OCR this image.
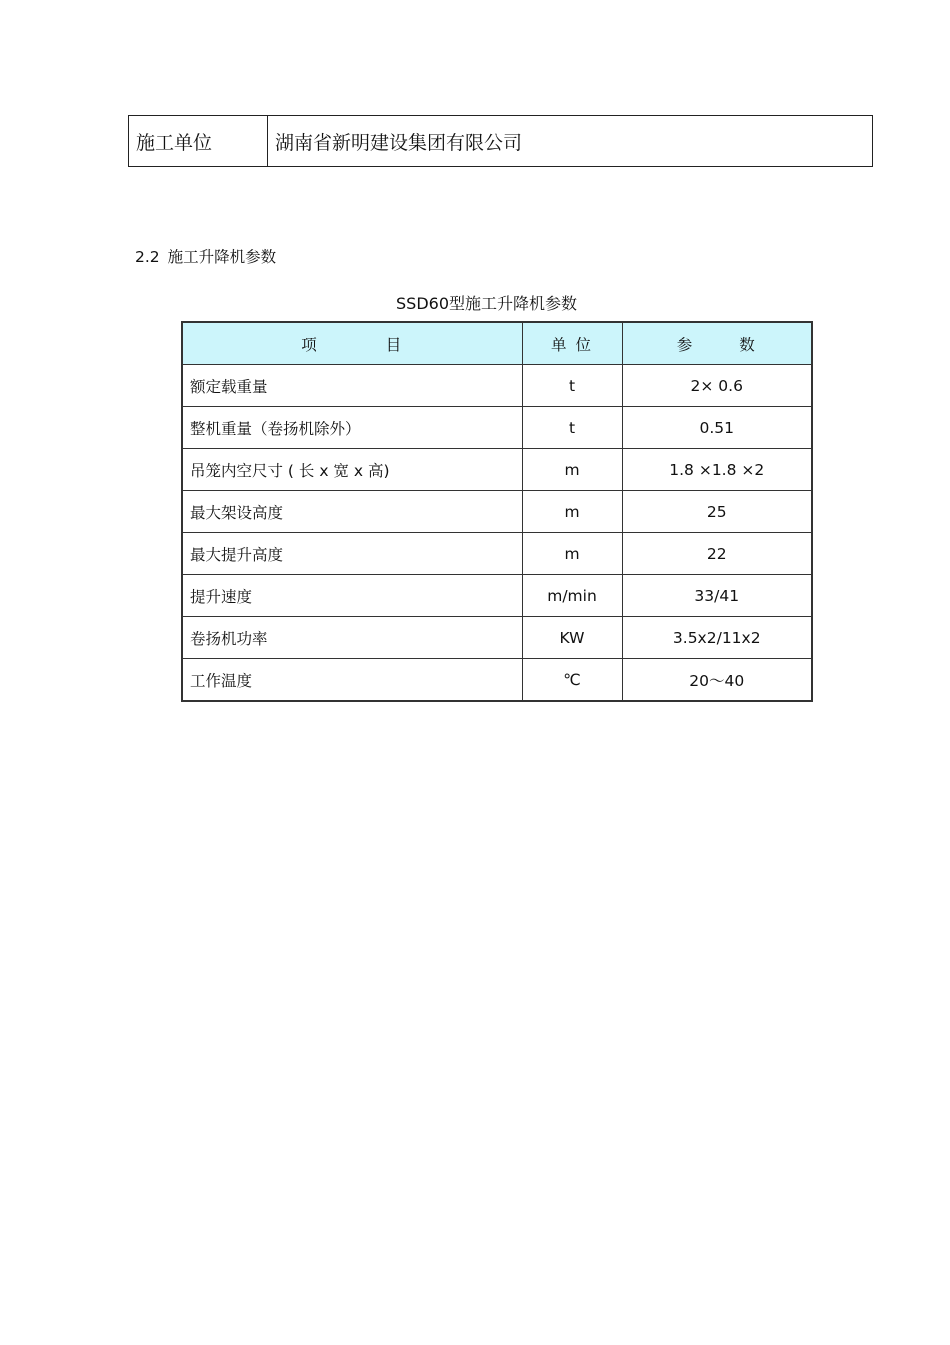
施工单位	湖南省新明建设集团有限公司
2.2 施工升降机参数
SSD60型施工升降机参数
项 目	单 位	参 数
额定载重量	t	2× 0.6
整机重量（卷扬机除外）	t	0.51
吊笼内空尺寸 ( 长 x 宽 x 高)	m	1.8 ×1.8 ×2
最大架设高度	m	25
最大提升高度	m	22
提升速度	m/min	33/41
卷扬机功率	KW	3.5x2/11x2
工作温度	℃	20～40
